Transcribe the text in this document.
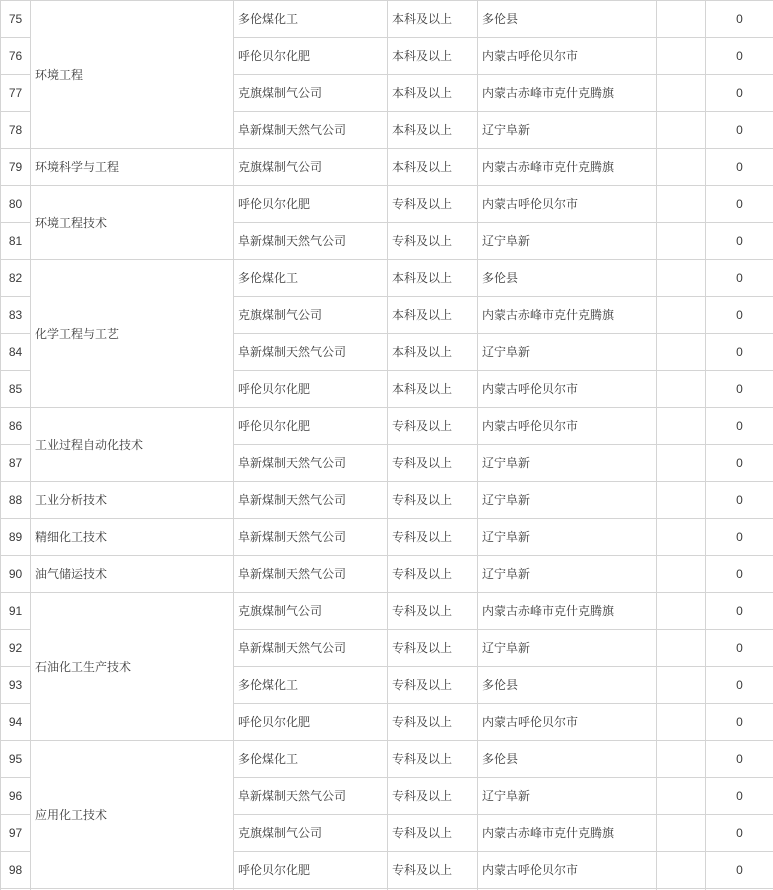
75	环境工程	多伦煤化工	本科及以上	多伦县		0
76		呼伦贝尔化肥	本科及以上	内蒙古呼伦贝尔市		0
77		克旗煤制气公司	本科及以上	内蒙古赤峰市克什克腾旗		0
78		阜新煤制天然气公司	本科及以上	辽宁阜新		0
79	环境科学与工程	克旗煤制气公司	本科及以上	内蒙古赤峰市克什克腾旗		0
80	环境工程技术	呼伦贝尔化肥	专科及以上	内蒙古呼伦贝尔市		0
81		阜新煤制天然气公司	专科及以上	辽宁阜新		0
82	化学工程与工艺	多伦煤化工	本科及以上	多伦县		0
83		克旗煤制气公司	本科及以上	内蒙古赤峰市克什克腾旗		0
84		阜新煤制天然气公司	本科及以上	辽宁阜新		0
85		呼伦贝尔化肥	本科及以上	内蒙古呼伦贝尔市		0
86	工业过程自动化技术	呼伦贝尔化肥	专科及以上	内蒙古呼伦贝尔市		0
87		阜新煤制天然气公司	专科及以上	辽宁阜新		0
88	工业分析技术	阜新煤制天然气公司	专科及以上	辽宁阜新		0
89	精细化工技术	阜新煤制天然气公司	专科及以上	辽宁阜新		0
90	油气储运技术	阜新煤制天然气公司	专科及以上	辽宁阜新		0
91	石油化工生产技术	克旗煤制气公司	专科及以上	内蒙古赤峰市克什克腾旗		0
92		阜新煤制天然气公司	专科及以上	辽宁阜新		0
93		多伦煤化工	专科及以上	多伦县		0
94		呼伦贝尔化肥	专科及以上	内蒙古呼伦贝尔市		0
95	应用化工技术	多伦煤化工	专科及以上	多伦县		0
96		阜新煤制天然气公司	专科及以上	辽宁阜新		0
97		克旗煤制气公司	专科及以上	内蒙古赤峰市克什克腾旗		0
98		呼伦贝尔化肥	专科及以上	内蒙古呼伦贝尔市		0
